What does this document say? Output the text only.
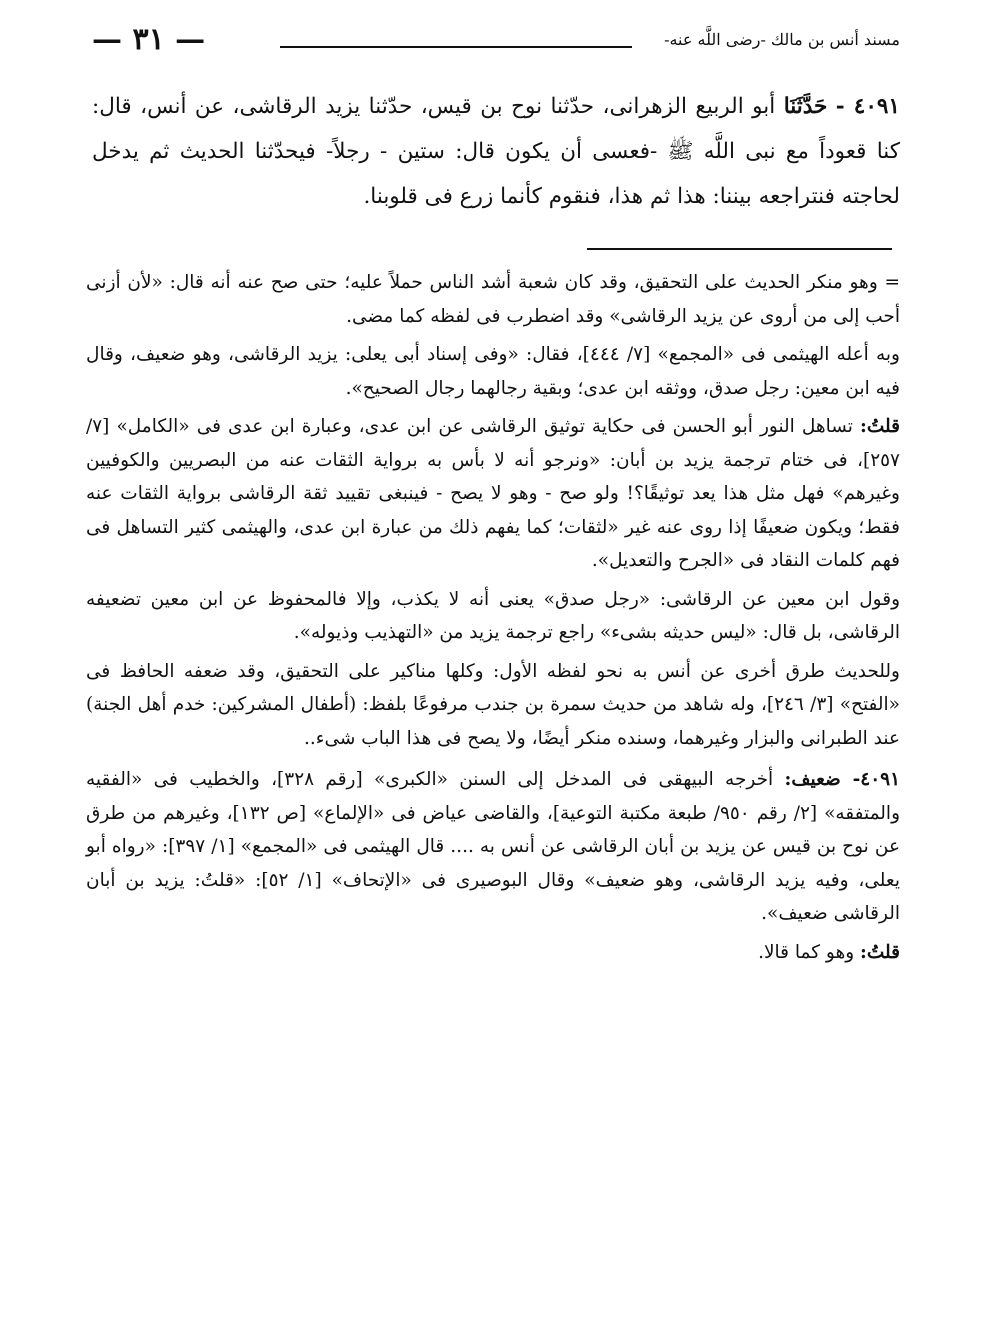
مسند أنس بن مالك -رضى اللَّه عنه-
— ٣١ —

٤٠٩١ - حَدَّثَنَا أبو الربيع الزهرانى، حدّثنا نوح بن قيس، حدّثنا يزيد الرقاشى، عن أنس، قال: كنا قعوداً مع نبى اللَّه ﷺ -فعسى أن يكون قال: ستين - رجلاً- فيحدّثنا الحديث ثم يدخل لحاجته فنتراجعه بيننا: هذا ثم هذا، فنقوم كأنما زرع فى قلوبنا.

= وهو منكر الحديث على التحقيق، وقد كان شعبة أشد الناس حملاً عليه؛ حتى صح عنه أنه قال: «لأن أزنى أحب إلى من أروى عن يزيد الرقاشى» وقد اضطرب فى لفظه كما مضى.

وبه أعله الهيثمى فى «المجمع» [٧/ ٤٤٤]، فقال: «وفى إسناد أبى يعلى: يزيد الرقاشى، وهو ضعيف، وقال فيه ابن معين: رجل صدق، ووثقه ابن عدى؛ وبقية رجالهما رجال الصحيح».

قلتُ: تساهل النور أبو الحسن فى حكاية توثيق الرقاشى عن ابن عدى، وعبارة ابن عدى فى «الكامل» [٧/ ٢٥٧]، فى ختام ترجمة يزيد بن أبان: «ونرجو أنه لا بأس به برواية الثقات عنه من البصريين والكوفيين وغيرهم» فهل مثل هذا يعد توثيقًا؟! ولو صح - وهو لا يصح - فينبغى تقييد ثقة الرقاشى برواية الثقات عنه فقط؛ ويكون ضعيفًا إذا روى عنه غير «لثقات؛ كما يفهم ذلك من عبارة ابن عدى، والهيثمى كثير التساهل فى فهم كلمات النقاد فى «الجرح والتعديل».

وقول ابن معين عن الرقاشى: «رجل صدق» يعنى أنه لا يكذب، وإلا فالمحفوظ عن ابن معين تضعيفه الرقاشى، بل قال: «ليس حديثه بشىء» راجع ترجمة يزيد من «التهذيب وذيوله».

وللحديث طرق أخرى عن أنس به نحو لفظه الأول: وكلها مناكير على التحقيق، وقد ضعفه الحافظ فى «الفتح» [٣/ ٢٤٦]، وله شاهد من حديث سمرة بن جندب مرفوعًا بلفظ: (أطفال المشركين: خدم أهل الجنة) عند الطبرانى والبزار وغيرهما، وسنده منكر أيضًا، ولا يصح فى هذا الباب شىء..

٤٠٩١- ضعيف: أخرجه البيهقى فى المدخل إلى السنن «الكبرى» [رقم ٣٢٨]، والخطيب فى «الفقيه والمتفقه» [٢/ رقم ٩٥٠/ طبعة مكتبة التوعية]، والقاضى عياض فى «الإلماع» [ص ١٣٢]، وغيرهم من طرق عن نوح بن قيس عن يزيد بن أبان الرقاشى عن أنس به .... قال الهيثمى فى «المجمع» [١/ ٣٩٧]: «رواه أبو يعلى، وفيه يزيد الرقاشى، وهو ضعيف» وقال البوصيرى فى «الإتحاف» [١/ ٥٢]: «قلتُ: يزيد بن أبان الرقاشى ضعيف».

قلتُ: وهو كما قالا.
